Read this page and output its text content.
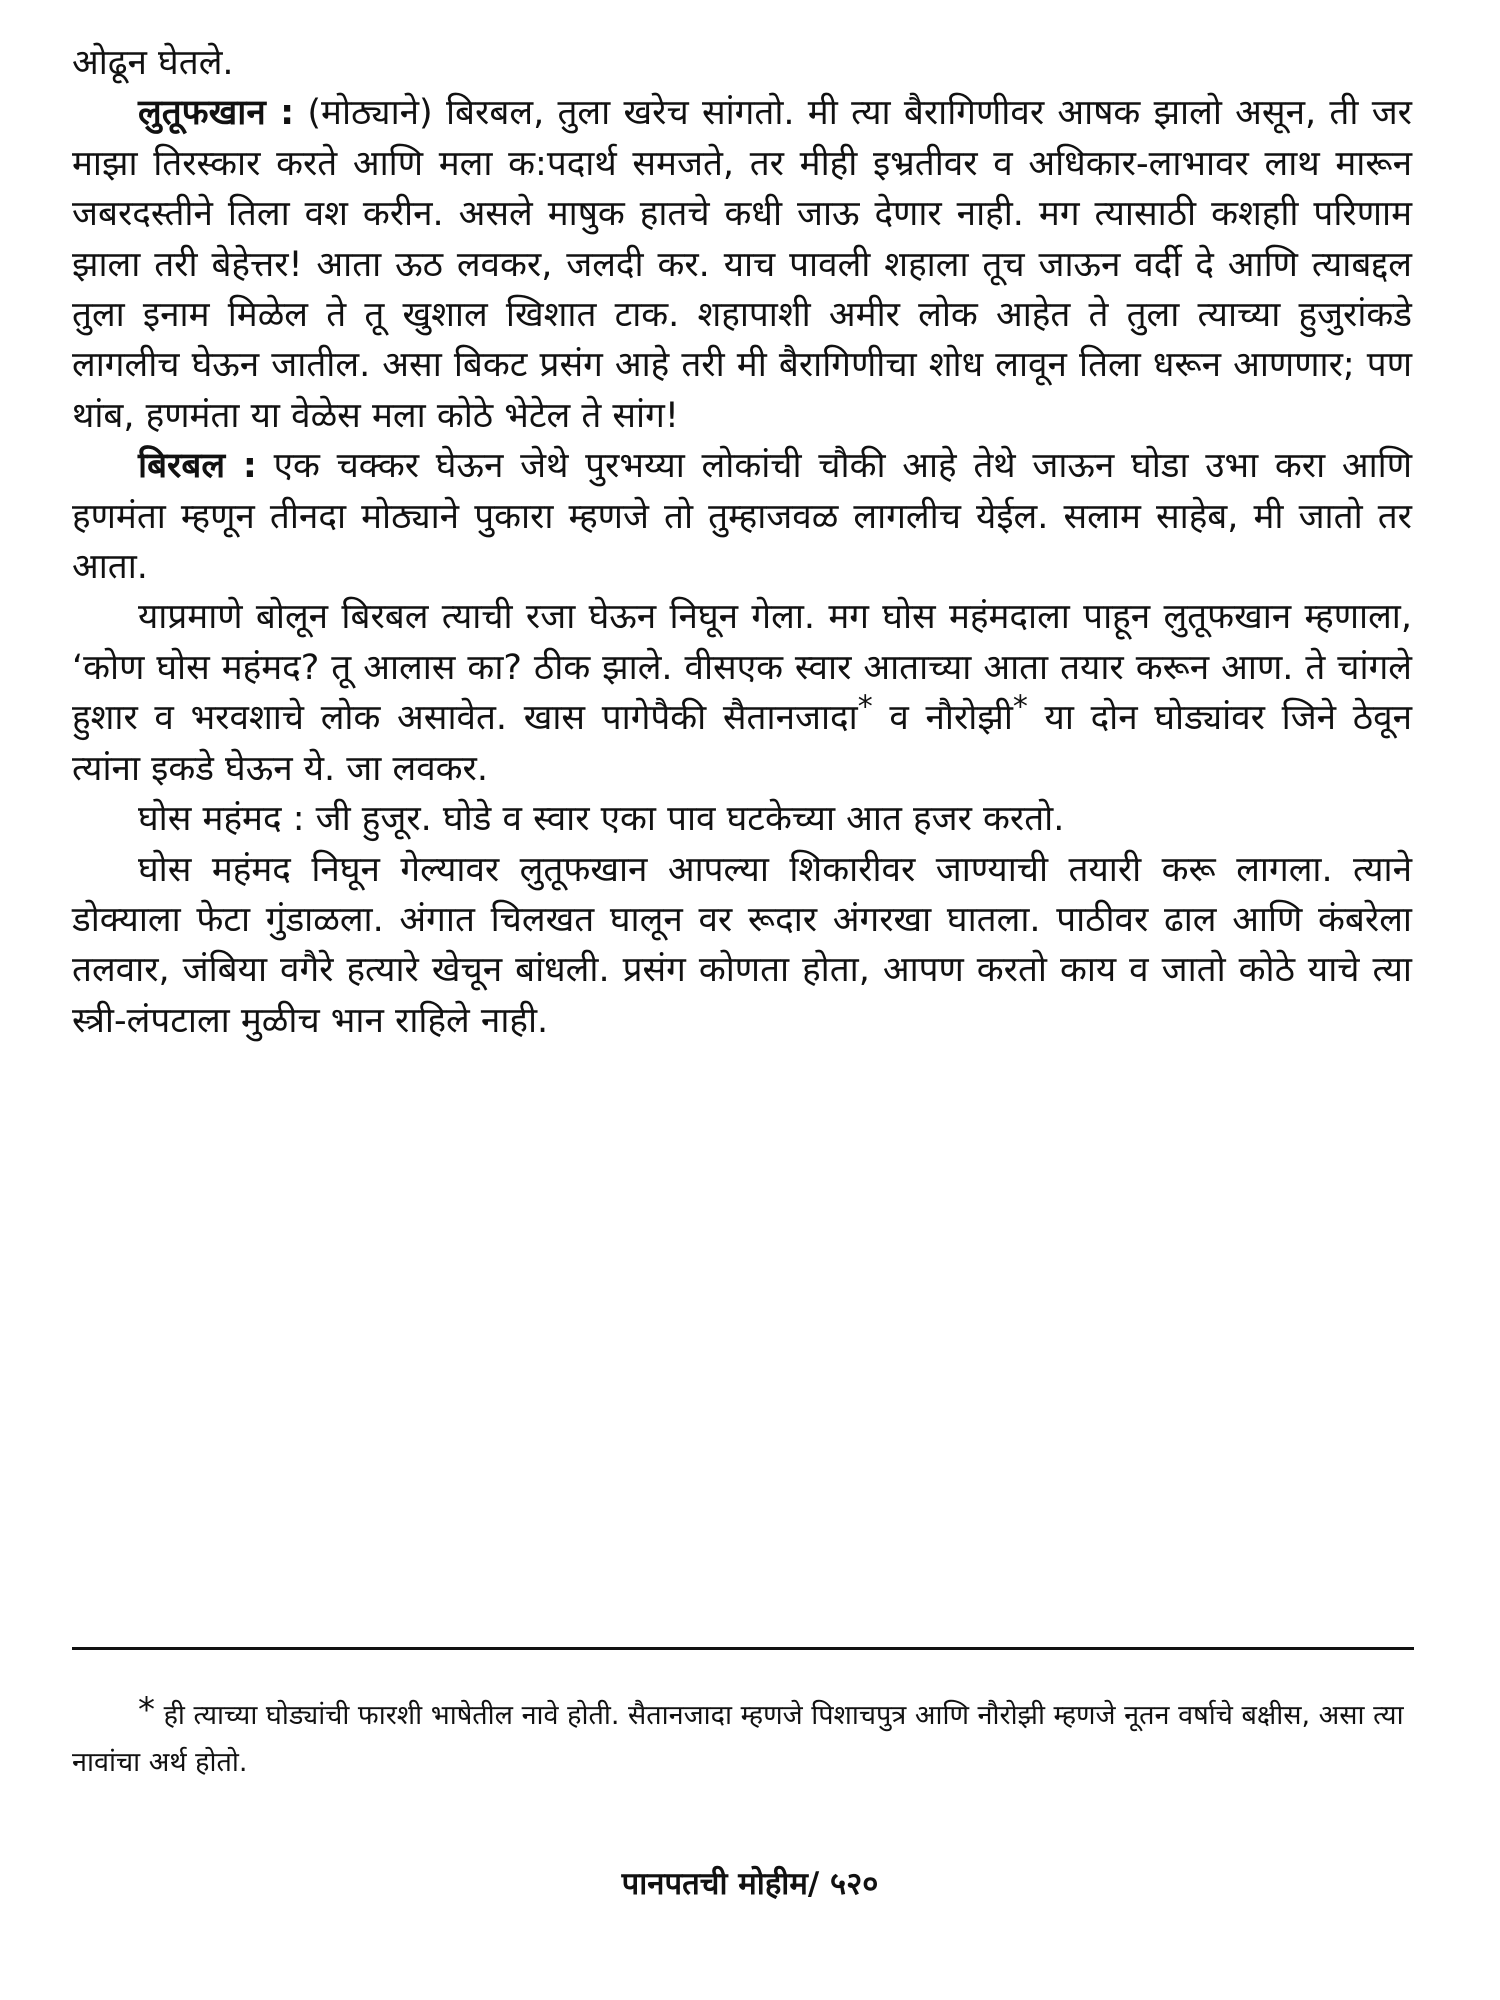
ओढून घेतले.

लुतूफखान : (मोठ्याने) बिरबल, तुला खरेच सांगतो. मी त्या बैरागिणीवर आषक झालो असून, ती जर माझा तिरस्कार करते आणि मला क:पदार्थ समजते, तर मीही इभ्रतीवर व अधिकार-लाभावर लाथ मारून जबरदस्तीने तिला वश करीन. असले माषुक हातचे कधी जाऊ देणार नाही. मग त्यासाठी कशहाी परिणाम झाला तरी बेहेत्तर! आता ऊठ लवकर, जलदी कर. याच पावली शहाला तूच जाऊन वर्दी दे आणि त्याबद्दल तुला इनाम मिळेल ते तू खुशाल खिशात टाक. शहापाशी अमीर लोक आहेत ते तुला त्याच्या हुजुरांकडे लागलीच घेऊन जातील. असा बिकट प्रसंग आहे तरी मी बैरागिणीचा शोध लावून तिला धरून आणणार; पण थांब, हणमंता या वेळेस मला कोठे भेटेल ते सांग!

बिरबल : एक चक्कर घेऊन जेथे पुरभय्या लोकांची चौकी आहे तेथे जाऊन घोडा उभा करा आणि हणमंता म्हणून तीनदा मोठ्याने पुकारा म्हणजे तो तुम्हाजवळ लागलीच येईल. सलाम साहेब, मी जातो तर आता.

याप्रमाणे बोलून बिरबल त्याची रजा घेऊन निघून गेला. मग घोस महंमदाला पाहून लुतूफखान म्हणाला, ‘कोण घोस महंमद? तू आलास का? ठीक झाले. वीसएक स्वार आताच्या आता तयार करून आण. ते चांगले हुशार व भरवशाचे लोक असावेत. खास पागेपैकी सैतानजादा* व नौरोझी* या दोन घोड्यांवर जिने ठेवून त्यांना इकडे घेऊन ये. जा लवकर.

घोस महंमद : जी हुजूर. घोडे व स्वार एका पाव घटकेच्या आत हजर करतो.

घोस महंमद निघून गेल्यावर लुतूफखान आपल्या शिकारीवर जाण्याची तयारी करू लागला. त्याने डोक्याला फेटा गुंडाळला. अंगात चिलखत घालून वर रूदार अंगरखा घातला. पाठीवर ढाल आणि कंबरेला तलवार, जंबिया वगैरे हत्यारे खेचून बांधली. प्रसंग कोणता होता, आपण करतो काय व जातो कोठे याचे त्या स्त्री-लंपटाला मुळीच भान राहिले नाही.

* ही त्याच्या घोड्यांची फारशी भाषेतील नावे होती. सैतानजादा म्हणजे पिशाचपुत्र आणि नौरोझी म्हणजे नूतन वर्षाचे बक्षीस, असा त्या नावांचा अर्थ होतो.

पानपतची मोहीम/ ५२०
